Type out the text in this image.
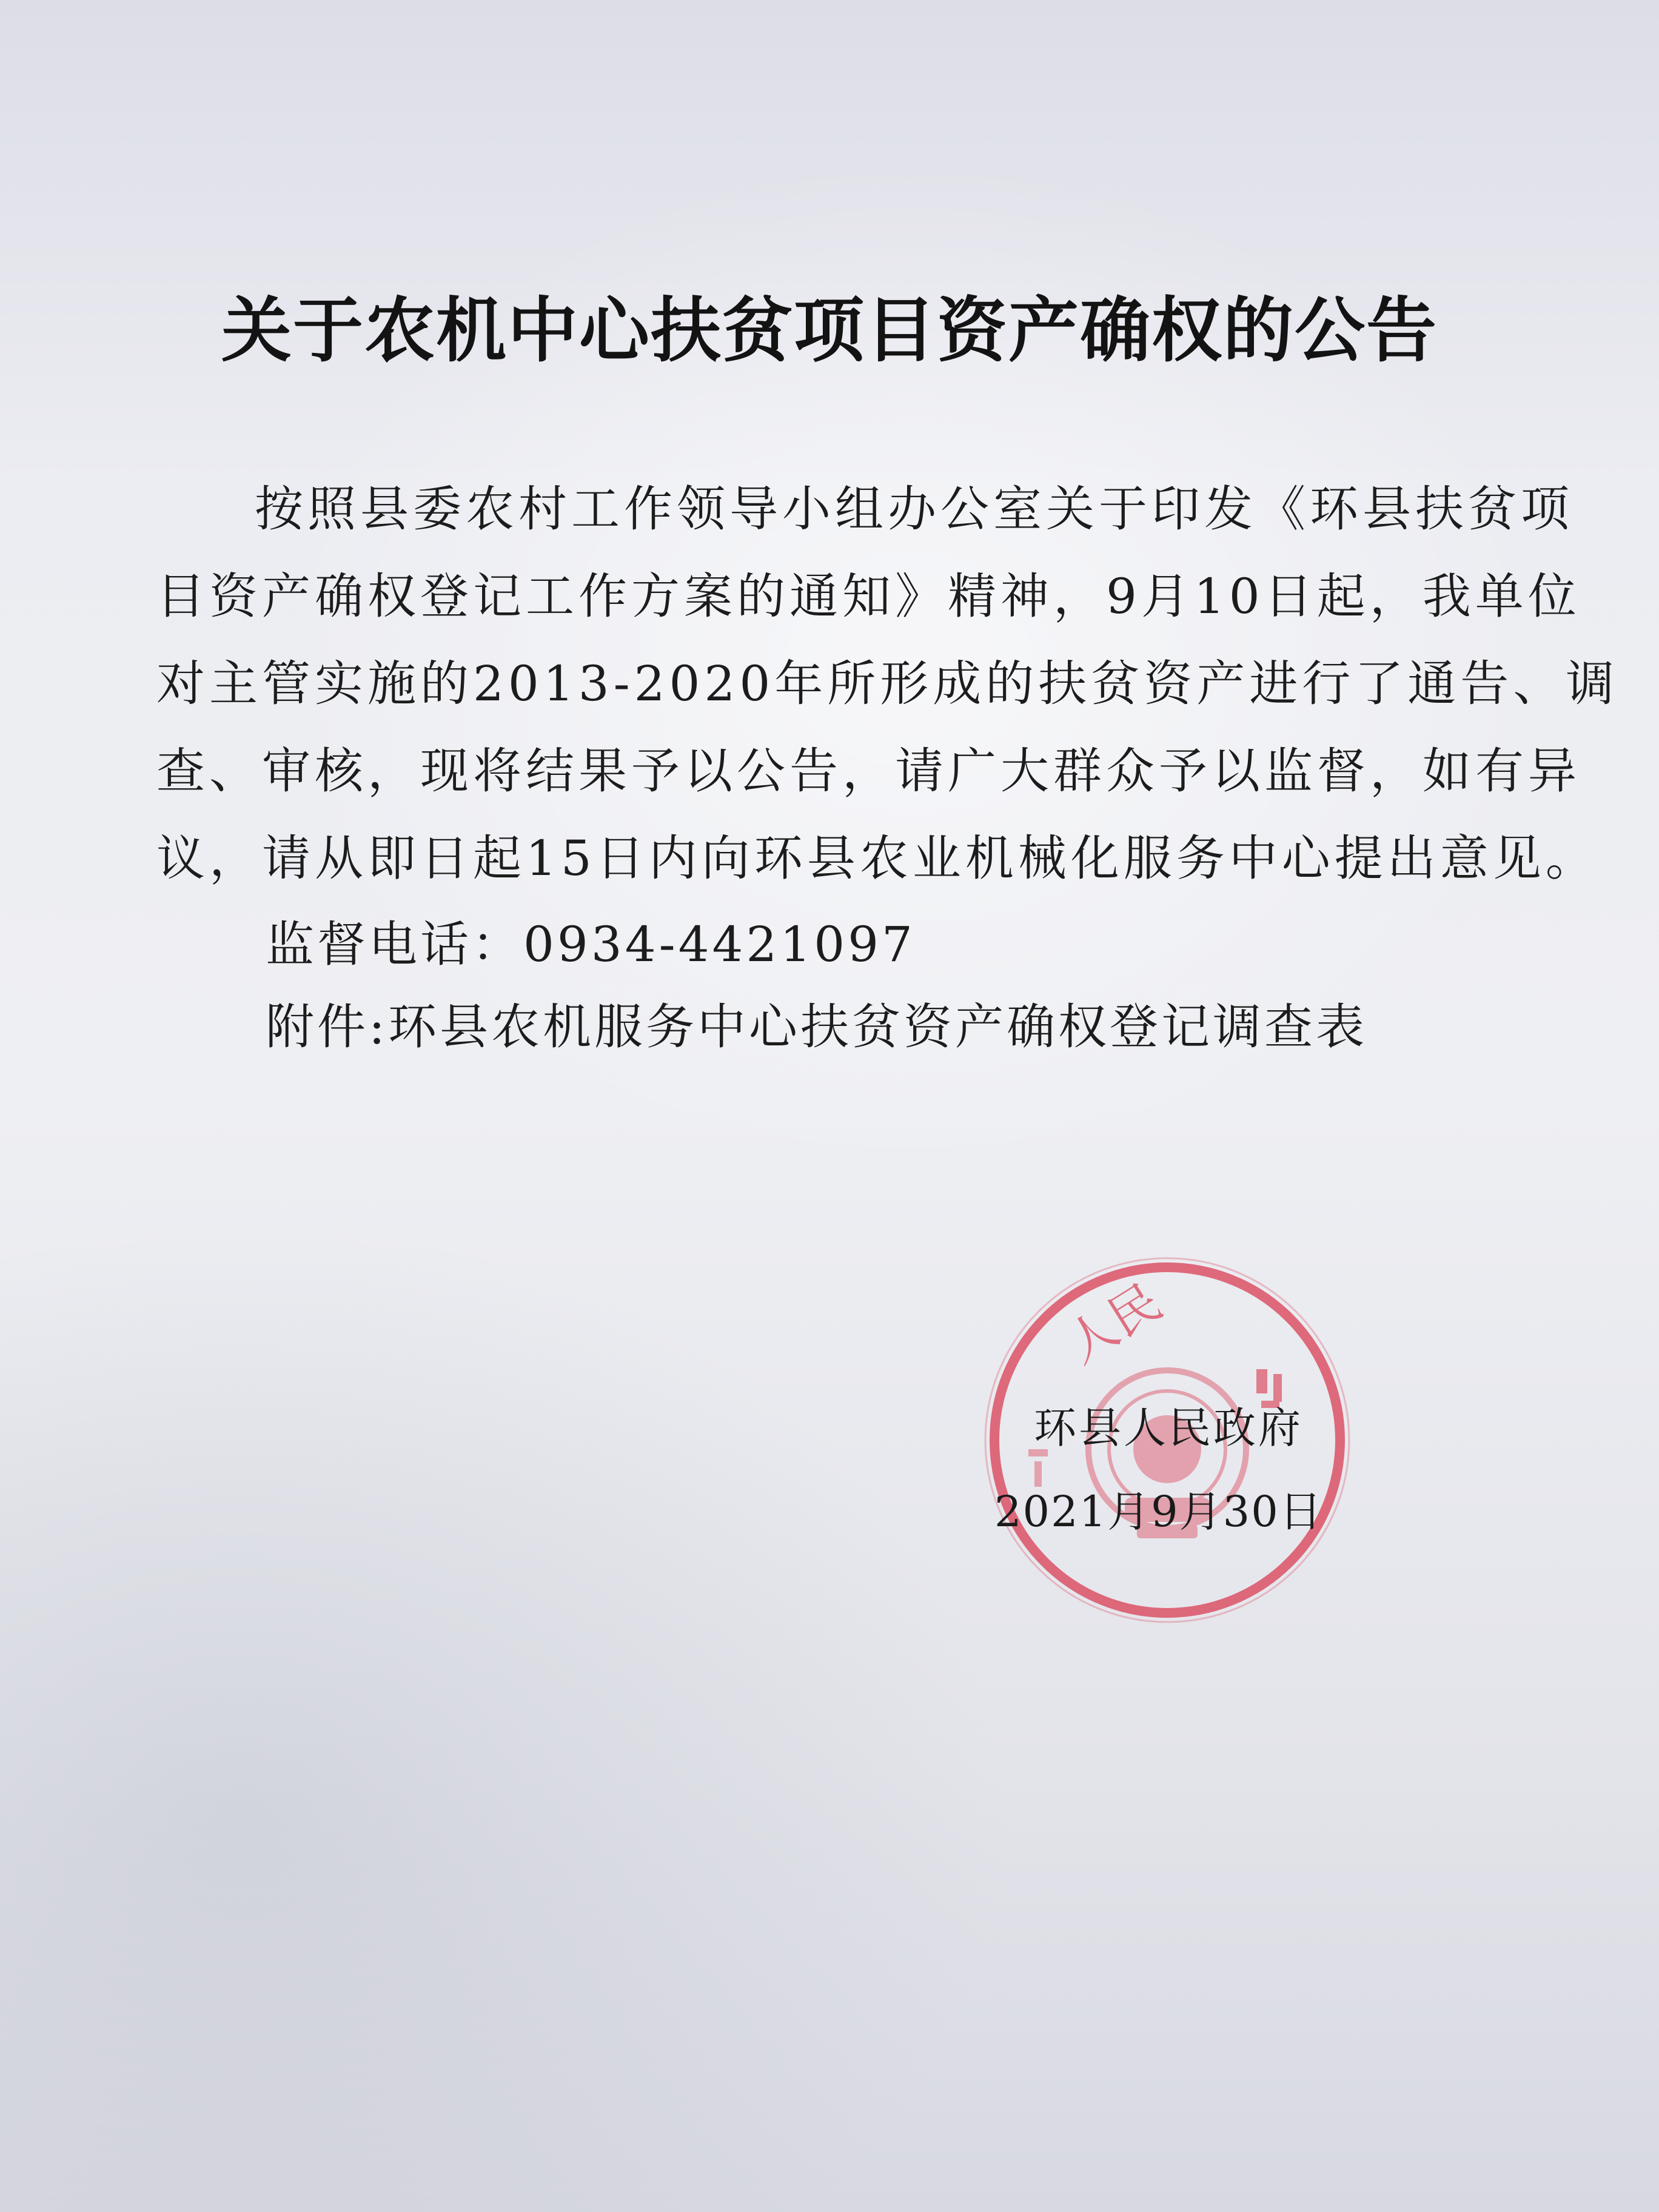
关于农机中心扶贫项目资产确权的公告
按照县委农村工作领导小组办公室关于印发《环县扶贫项
目资产确权登记工作方案的通知》精神，9月10日起，我单位
对主管实施的2013-2020年所形成的扶贫资产进行了通告、调
查、审核，现将结果予以公告，请广大群众予以监督，如有异
议，请从即日起15日内向环县农业机械化服务中心提出意见。
监督电话：0934-4421097
附件:环县农机服务中心扶贫资产确权登记调查表
人民
环县人民政府
2021月9月30日
